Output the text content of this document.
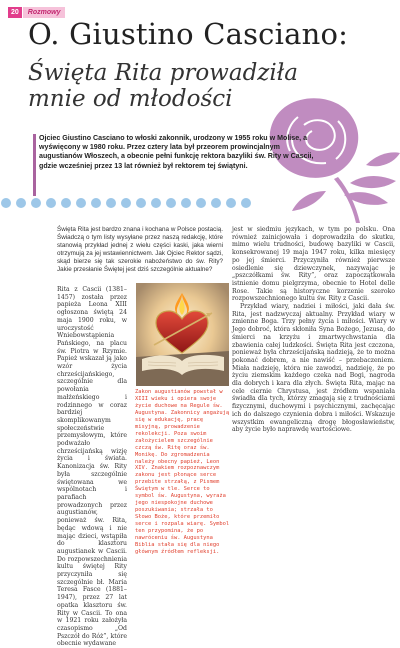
20	Rozmowy
O. Giustino Casciano:
Święta Rita prowadziła mnie od młodości
Ojciec Giustino Casciano to włoski zakonnik, urodzony w 1955 roku w Molise, a wyświęcony w 1980 roku. Przez cztery lata był przeorem prowincjalnym augustianów Włoszech, a obecnie pełni funkcję rektora bazyliki św. Rity w Cascii, gdzie wcześniej przez 13 lat również był rektorem tej świątyni.
Święta Rita jest bardzo znana i kochana w Polsce postacią. Świadczą o tym listy wysyłane przez naszą redakcję, które stanowią przykład jednej z wielu części kaski, jaka wierni otrzymują za jej wstawiennictwem. Jak Ojciec Rektor sądzi, skąd bierze się tak szerokie nabożeństwo do św. Rity? Jakie przesłanie Świętej jest dziś szczególnie aktualne?

Rita z Cascii (1381–1457) została przez papieża Leona XIII ogłoszona świętą 24 maja 1900 roku, w uroczystość Wniebowstąpienia Pańskiego, na placu św. Piotra w Rzymie. Papież wskazał ją jako wzór życia chrześcijańskiego, szczególnie dla powołania małżeńskiego i rodzinnego w coraz bardziej skomplikowanym społeczeństwie przemysłowym, które podważało chrześcijańską wizję życia i świata. Kanonizacja św. Rity była szczególnie świętowana we wspólnotach i parafiach prowadzonych przez augustianów, ponieważ św. Rita, będąc wdową i nie mając dzieci, wstąpiła do klasztoru augustianek w Cascii. Do rozpowszechnienia kultu świętej Rity przyczyniła się szczególnie bł. Maria Teresa Fasce (1881–1947), przez 27 lat opatka klasztoru św. Rity w Cascii. To ona w 1921 roku założyła czasopismo „Od Pszczół do Róż”, które obecnie wydawane

Zakon augustianów powstał w XIII wieku i opiera swoje życie duchowe na Regule św. Augustyna. Zakonnicy angażują się w edukację, pracę misyjną, prowadzenie rekolekcji. Poza swoim założycielem szczególnie czczą św. Ritę oraz św. Monikę. Do zgromadzenia należy obecny papież, Leon XIV. Znakiem rozpoznawczym zakonu jest płonące serce przebite strzałą, z Pismem Świętym w tle. Serce to symbol św. Augustyna, wyraża jego niespokojne duchowe poszukiwania; strzała to Słowo Boże, które przemiło serce i rozpala wiarę. Symbol ten przypomina, że po nawróceniu św. Augustyna Biblia stała się dla niego głównym źródłem refleksji.

jest w siedmiu językach, w tym po polsku. Ona również zainicjowała i doprowadziła do skutku, mimo wielu trudności, budowę bazyliki w Cascii, konsekrowanej 19 maja 1947 roku, kilka miesięcy po jej śmierci. Przyczyniła również pierwsze osiedlenie się dziewczynek, nazywając je „pszczółkami św. Rity”, oraz zapoczątkowała istnienie domu pielgrzyma, obecnie to Hotel delle Rose. Takie są historyczne korzenie szeroko rozpowszechnionego kultu św. Rity z Cascii.

Przykład wiary, nadziei i miłości, jaki dała św. Rita, jest nadzwyczaj aktualny. Przykład wiary w zmienne Boga. Trzy pełny życia i miłości. Wiary w Jego dobroć, która skłoniła Syna Bożego, Jezusa, do śmierci na krzyżu i zmartwychwstania dla zbawienia całej ludzkości. Święta Rita jest czczona, ponieważ była chrześcijańską nadzieją, że to można pokonać dobrem, a nie nawiść – przebaczeniem. Miała nadzieję, która nie zawodzi, nadzieję, że po życiu ziemskim każdego czeka nad Bogi, nagroda dla dobrych i kara dla złych. Święta Rita, mając na cele ciernie Chrystusa, jest źródłem wspaniała świadła dla tych, którzy zmagają się z trudnościami fizycznymi, duchowymi i psychicznymi, zachęcając ich do dalszego czynienia dobra i miłości. Wskazuje wszystkim ewangeliczną drogę błogosławieństw, aby życie było naprawdę wartościowe.
